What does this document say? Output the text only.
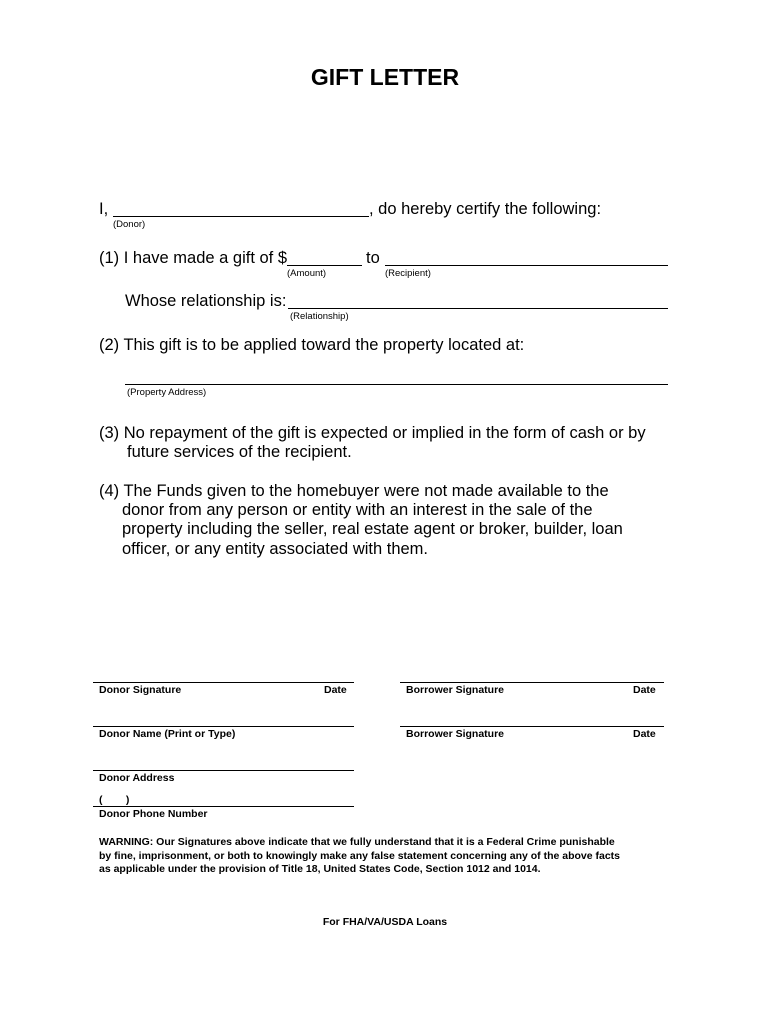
GIFT LETTER
I,	, do hereby certify the following:
(Donor)
(1) I have made a gift of $	to
(Amount)	(Recipient)
Whose relationship is:
(Relationship)
(2) This gift is to be applied toward the property located at:
(Property Address)
(3) No repayment of the gift is expected or implied in the form of cash or by
future services of the recipient.
(4) The Funds given to the homebuyer were not made available to the
donor from any person or entity with an interest in the sale of the
property including the seller, real estate agent or broker, builder, loan
officer, or any entity associated with them.
Donor Signature	Date	Borrower Signature	Date
Donor Name (Print or Type)	Borrower Signature	Date
Donor Address
(        )
Donor Phone Number
WARNING: Our Signatures above indicate that we fully understand that it is a Federal Crime punishable
by fine, imprisonment, or both to knowingly make any false statement concerning any of the above facts
as applicable under the provision of Title 18, United States Code, Section 1012 and 1014.
For FHA/VA/USDA Loans
